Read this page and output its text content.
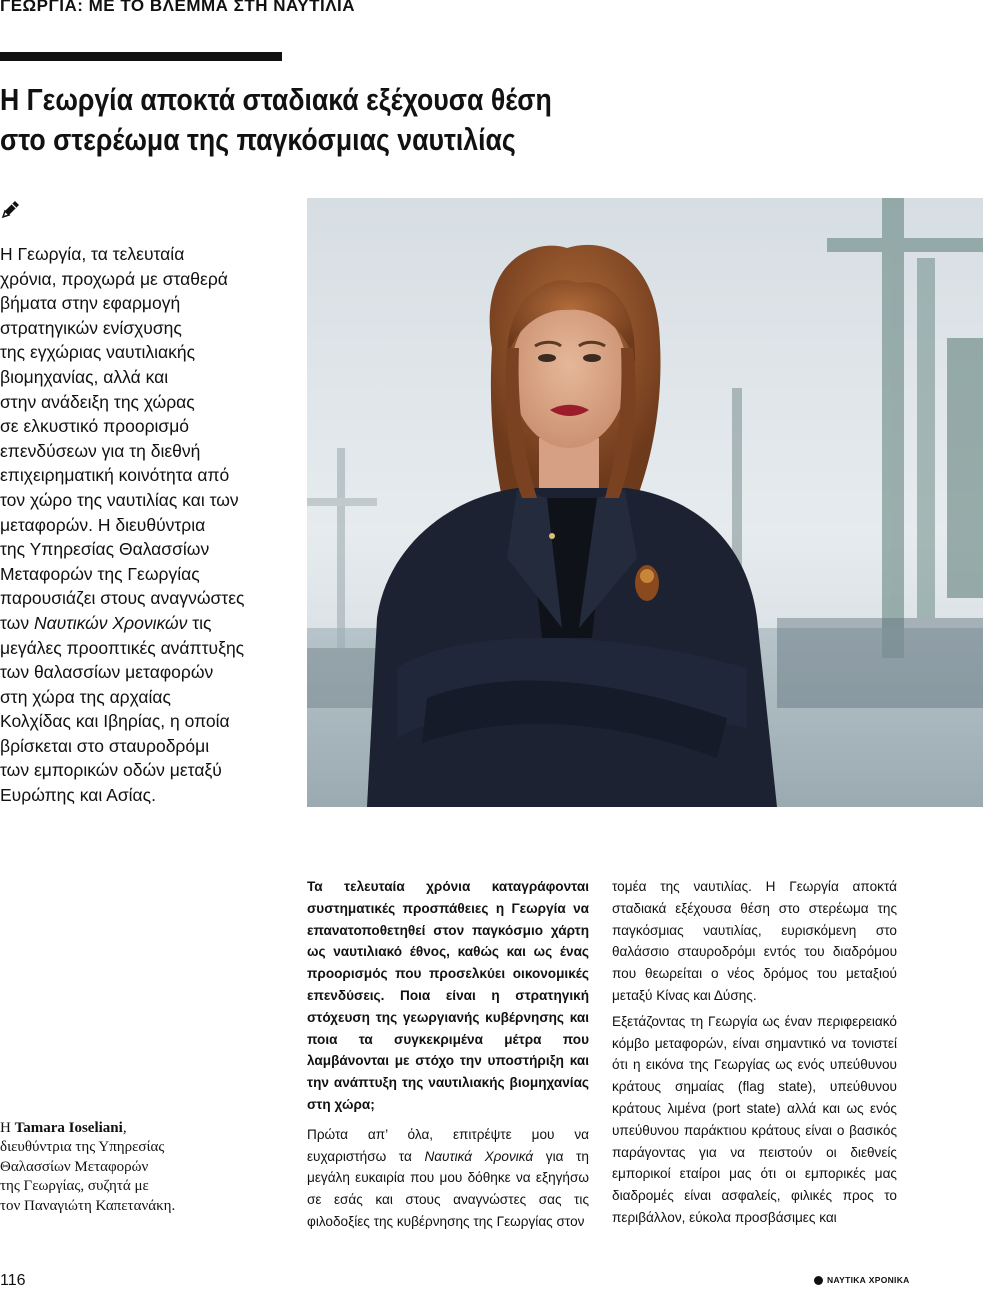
ΓΕΩΡΓΙΑ: ΜΕ ΤΟ ΒΛΕΜΜΑ ΣΤΗ ΝΑΥΤΙΛΙΑ
Η Γεωργία αποκτά σταδιακά εξέχουσα θέση
στο στερέωμα της παγκόσμιας ναυτιλίας
Η Γεωργία, τα τελευταία
χρόνια, προχωρά με σταθερά
βήματα στην εφαρμογή
στρατηγικών ενίσχυσης
της εγχώριας ναυτιλιακής
βιομηχανίας, αλλά και
στην ανάδειξη της χώρας
σε ελκυστικό προορισμό
επενδύσεων για τη διεθνή
επιχειρηματική κοινότητα από
τον χώρο της ναυτιλίας και των
μεταφορών. Η διευθύντρια
της Υπηρεσίας Θαλασσίων
Μεταφορών της Γεωργίας
παρουσιάζει στους αναγνώστες
των Ναυτικών Χρονικών τις
μεγάλες προοπτικές ανάπτυξης
των θαλασσίων μεταφορών
στη χώρα της αρχαίας
Κολχίδας και Ιβηρίας, η οποία
βρίσκεται στο σταυροδρόμι
των εμπορικών οδών μεταξύ
Ευρώπης και Ασίας.
Η Tamara Ioseliani,
διευθύντρια της Υπηρεσίας
Θαλασσίων Μεταφορών
της Γεωργίας, συζητά με
τον Παναγιώτη Καπετανάκη.

Τα τελευταία χρόνια καταγράφονται συστηματικές προσπάθειες η Γεωργία να επανατοποθετηθεί στον παγκόσμιο χάρτη ως ναυτιλιακό έθνος, καθώς και ως ένας προορισμός που προσελκύει οικονομικές επενδύσεις. Ποια είναι η στρατηγική στόχευση της γεωργιανής κυβέρνησης και ποια τα συγκεκριμένα μέτρα που λαμβάνονται με στόχο την υποστήριξη και την ανάπτυξη της ναυτιλιακής βιομηχανίας στη χώρα;

Πρώτα απ’ όλα, επιτρέψτε μου να ευχαριστήσω τα Ναυτικά Χρονικά για τη μεγάλη ευκαιρία που μου δόθηκε να εξηγήσω σε εσάς και στους αναγνώστες σας τις φιλοδοξίες της κυβέρνησης της Γεωργίας στον

τομέα της ναυτιλίας. Η Γεωργία αποκτά σταδιακά εξέχουσα θέση στο στερέωμα της παγκόσμιας ναυτιλίας, ευρισκόμενη στο θαλάσσιο σταυροδρόμι εντός του διαδρόμου που θεωρείται ο νέος δρόμος του μεταξιού μεταξύ Κίνας και Δύσης.

Εξετάζοντας τη Γεωργία ως έναν περιφερειακό κόμβο μεταφορών, είναι σημαντικό να τονιστεί ότι η εικόνα της Γεωργίας ως ενός υπεύθυνου κράτους σημαίας (flag state), υπεύθυνου κράτους λιμένα (port state) αλλά και ως ενός υπεύθυνου παράκτιου κράτους είναι ο βασικός παράγοντας για να πειστούν οι διεθνείς εμπορικοί εταίροι μας ότι οι εμπορικές μας διαδρομές είναι ασφαλείς, φιλικές προς το περιβάλλον, εύκολα προσβάσιμες και

116	ΝΑΥΤΙΚΑ ΧΡΟΝΙΚΑ
